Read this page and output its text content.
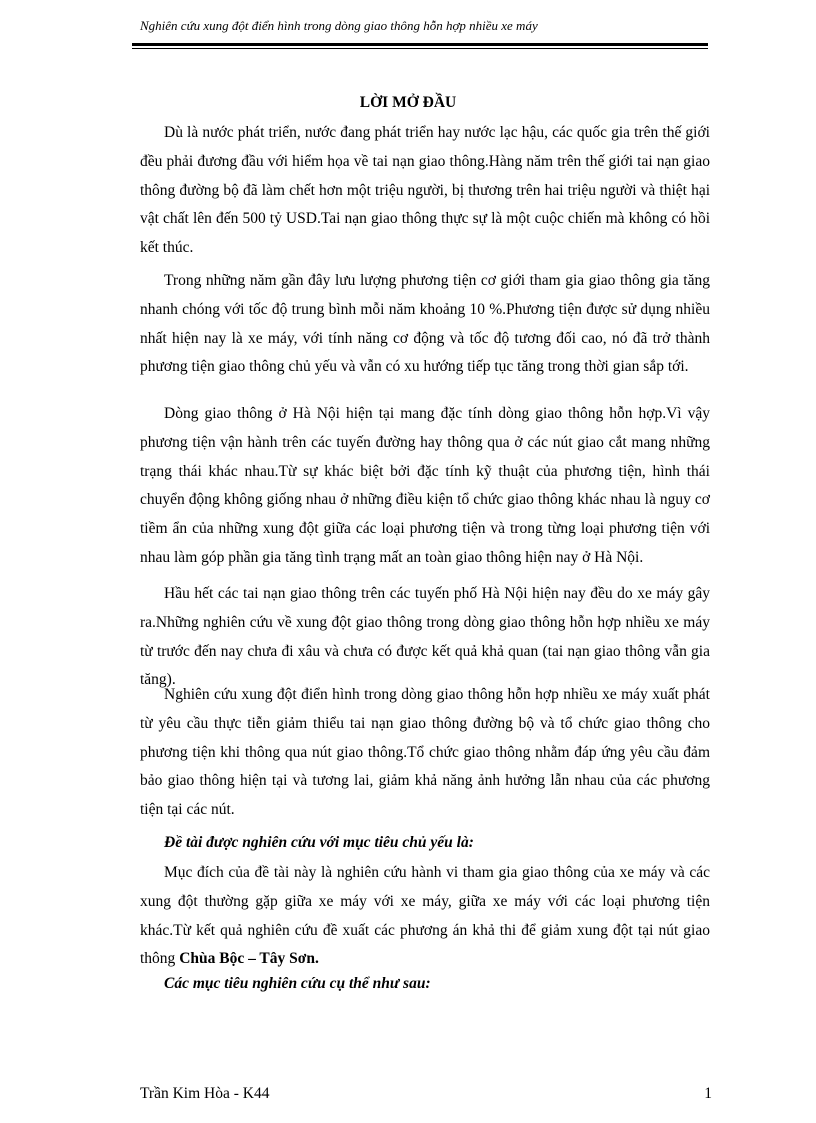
Nghiên cứu xung đột điển hình trong dòng giao thông hỗn hợp nhiều xe máy
LỜI MỞ ĐẦU

Dù là nước phát triển, nước đang phát triển hay nước lạc hậu, các quốc gia trên thế giới đều phải đương đầu với hiểm họa về tai nạn giao thông.Hàng năm trên thế giới tai nạn giao thông đường bộ đã làm chết hơn một triệu người, bị thương trên hai triệu người và thiệt hại vật chất lên đến 500 tỷ USD.Tai nạn giao thông thực sự là một cuộc chiến mà không có hồi kết thúc.

Trong những năm gần đây lưu lượng phương tiện cơ giới tham gia giao thông gia tăng nhanh chóng với tốc độ trung bình mỗi năm khoảng 10 %.Phương tiện được sử dụng nhiều nhất hiện nay là xe máy, với tính năng cơ động và tốc độ tương đối cao, nó đã trở thành phương tiện giao thông chủ yếu và vẫn có xu hướng tiếp tục tăng trong thời gian sắp tới.

Dòng giao thông ở Hà Nội hiện tại mang đặc tính dòng giao thông hỗn hợp.Vì vậy phương tiện vận hành trên các tuyến đường hay thông qua ở các nút giao cắt mang những trạng thái khác nhau.Từ sự khác biệt bởi đặc tính kỹ thuật của phương tiện, hình thái chuyển động không giống nhau ở những điều kiện tổ chức giao thông khác nhau là nguy cơ tiềm ẩn của những xung đột giữa các loại phương tiện và trong từng loại phương tiện với nhau làm góp phần gia tăng tình trạng mất an toàn giao thông hiện nay ở Hà Nội.

Hầu hết các tai nạn giao thông trên các tuyến phố Hà Nội hiện nay đều do xe máy gây ra.Những nghiên cứu về xung đột giao thông trong dòng giao thông hỗn hợp nhiều xe máy từ trước đến nay chưa đi xâu và chưa có được kết quả khả quan (tai nạn giao thông vẫn gia tăng).

Nghiên cứu xung đột điển hình trong dòng giao thông hỗn hợp nhiều xe máy xuất phát từ yêu cầu thực tiễn giảm thiểu tai nạn giao thông đường bộ và tổ chức giao thông cho phương tiện khi thông qua nút giao thông.Tổ chức giao thông nhằm đáp ứng yêu cầu đảm bảo giao thông hiện tại và tương lai, giảm khả năng ảnh hưởng lẫn nhau của các phương tiện tại các nút.

Đề tài được nghiên cứu với mục tiêu chủ yếu là:

Mục đích của đề tài này là nghiên cứu hành vi tham gia giao thông của xe máy và các xung đột thường gặp giữa xe máy với xe máy, giữa xe máy với các loại phương tiện khác.Từ kết quả nghiên cứu đề xuất các phương án khả thi để giảm xung đột tại nút giao thông Chùa Bộc – Tây Sơn.

Các mục tiêu nghiên cứu cụ thể như sau:

Trần Kim Hòa - K44	1
